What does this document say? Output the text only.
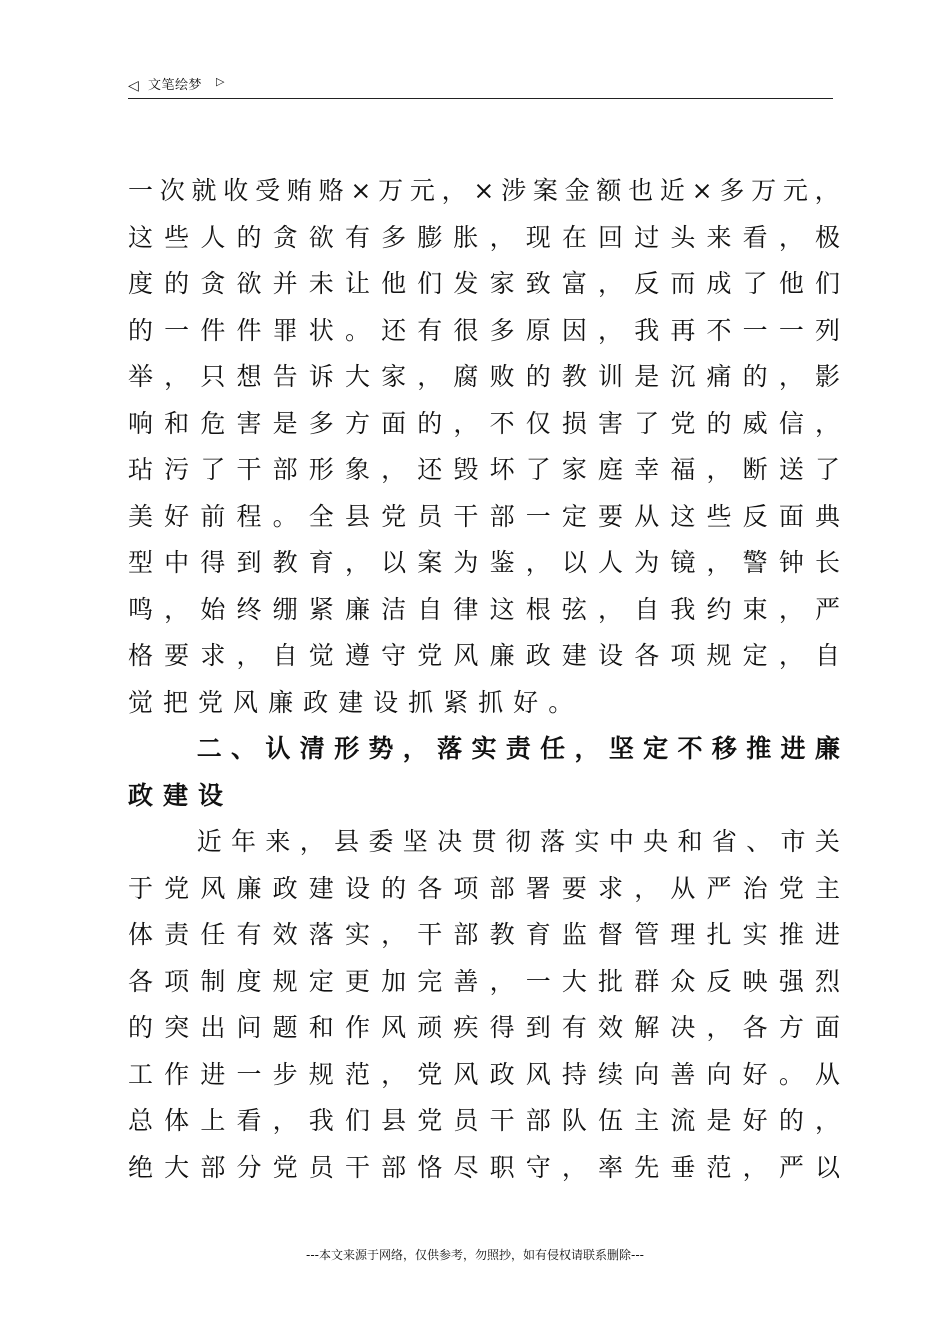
◁ 文笔绘梦 ▷
一 次 就 收 受 贿 赂 × 万 元 ， × 涉 案 金 额 也 近 × 多 万 元 ，
这 些 人 的 贪 欲 有 多 膨 胀 ， 现 在 回 过 头 来 看 ， 极
度 的 贪 欲 并 未 让 他 们 发 家 致 富 ， 反 而 成 了 他 们
的 一 件 件 罪 状 。 还 有 很 多 原 因 ， 我 再 不 一 一 列
举 ， 只 想 告 诉 大 家 ， 腐 败 的 教 训 是 沉 痛 的 ， 影
响 和 危 害 是 多 方 面 的 ， 不 仅 损 害 了 党 的 威 信 ，
玷 污 了 干 部 形 象 ， 还 毁 坏 了 家 庭 幸 福 ， 断 送 了
美 好 前 程 。 全 县 党 员 干 部 一 定 要 从 这 些 反 面 典
型 中 得 到 教 育 ， 以 案 为 鉴 ， 以 人 为 镜 ， 警 钟 长
鸣 ， 始 终 绷 紧 廉 洁 自 律 这 根 弦 ， 自 我 约 束 ， 严
格 要 求 ， 自 觉 遵 守 党 风 廉 政 建 设 各 项 规 定 ， 自
觉 把 党 风 廉 政 建 设 抓 紧 抓 好 。

二 、 认 清 形 势 ， 落 实 责 任 ， 坚 定 不 移 推 进 廉
政 建 设

近 年 来 ， 县 委 坚 决 贯 彻 落 实 中 央 和 省 、 市 关
于 党 风 廉 政 建 设 的 各 项 部 署 要 求 ， 从 严 治 党 主
体 责 任 有 效 落 实 ， 干 部 教 育 监 督 管 理 扎 实 推 进
各 项 制 度 规 定 更 加 完 善 ， 一 大 批 群 众 反 映 强 烈
的 突 出 问 题 和 作 风 顽 疾 得 到 有 效 解 决 ， 各 方 面
工 作 进 一 步 规 范 ， 党 风 政 风 持 续 向 善 向 好 。 从
总 体 上 看 ， 我 们 县 党 员 干 部 队 伍 主 流 是 好 的 ，
绝 大 部 分 党 员 干 部 恪 尽 职 守 ， 率 先 垂 范 ， 严 以
---本文来源于网络，仅供参考，勿照抄，如有侵权请联系删除---
